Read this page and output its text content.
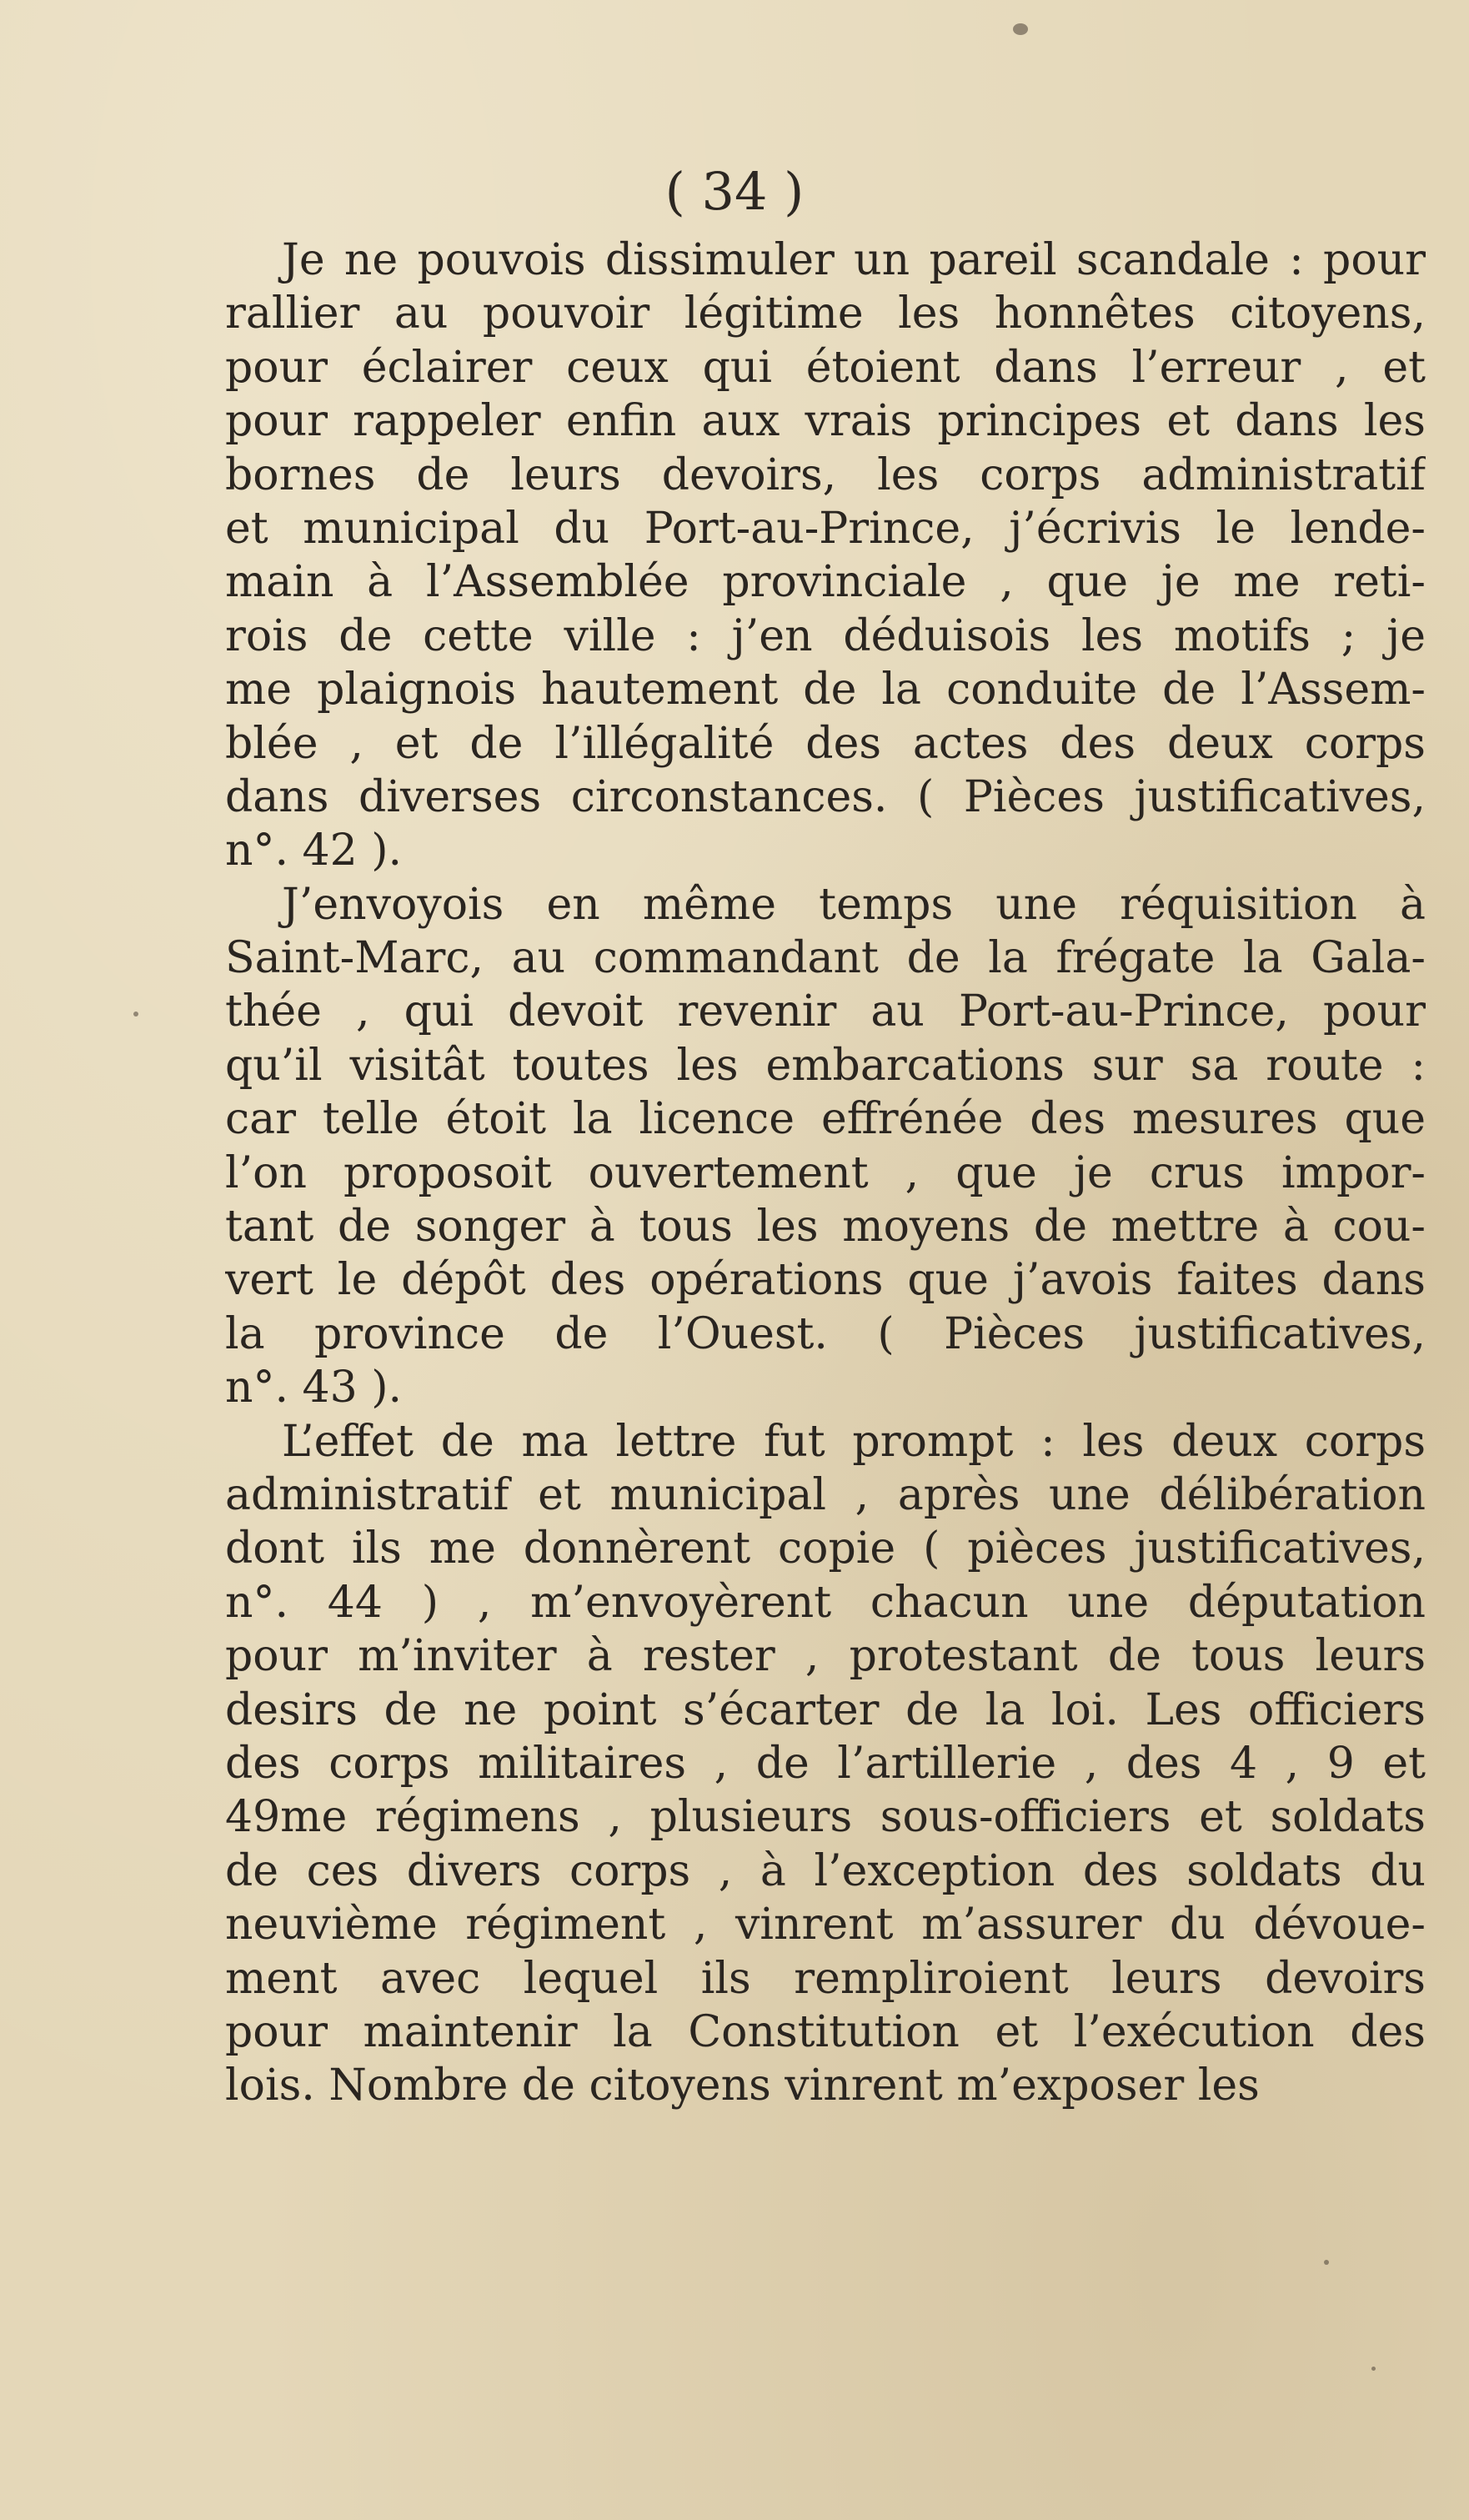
( 34 )
Je ne pouvois dissimuler un pareil scandale : pour
rallier au pouvoir légitime les honnêtes citoyens,
pour éclairer ceux qui étoient dans l’erreur , et
pour rappeler enfin aux vrais principes et dans les
bornes de leurs devoirs, les corps administratif
et municipal du Port-au-Prince, j’écrivis le lende-
main à l’Assemblée provinciale , que je me reti-
rois de cette ville : j’en déduisois les motifs ; je
me plaignois hautement de la conduite de l’Assem-
blée , et de l’illégalité des actes des deux corps
dans diverses circonstances. ( Pièces justificatives,
n°. 42 ).
J’envoyois en même temps une réquisition à
Saint-Marc, au commandant de la frégate la Gala-
thée , qui devoit revenir au Port-au-Prince, pour
qu’il visitât toutes les embarcations sur sa route :
car telle étoit la licence effrénée des mesures que
l’on proposoit ouvertement , que je crus impor-
tant de songer à tous les moyens de mettre à cou-
vert le dépôt des opérations que j’avois faites dans
la province de l’Ouest. ( Pièces justificatives,
n°. 43 ).
L’effet de ma lettre fut prompt : les deux corps
administratif et municipal , après une délibération
dont ils me donnèrent copie ( pièces justificatives,
n°. 44 ) , m’envoyèrent chacun une députation
pour m’inviter à rester , protestant de tous leurs
desirs de ne point s’écarter de la loi. Les officiers
des corps militaires , de l’artillerie , des 4 , 9 et
49me régimens , plusieurs sous-officiers et soldats
de ces divers corps , à l’exception des soldats du
neuvième régiment , vinrent m’assurer du dévoue-
ment avec lequel ils rempliroient leurs devoirs
pour maintenir la Constitution et l’exécution des
lois. Nombre de citoyens vinrent m’exposer les
